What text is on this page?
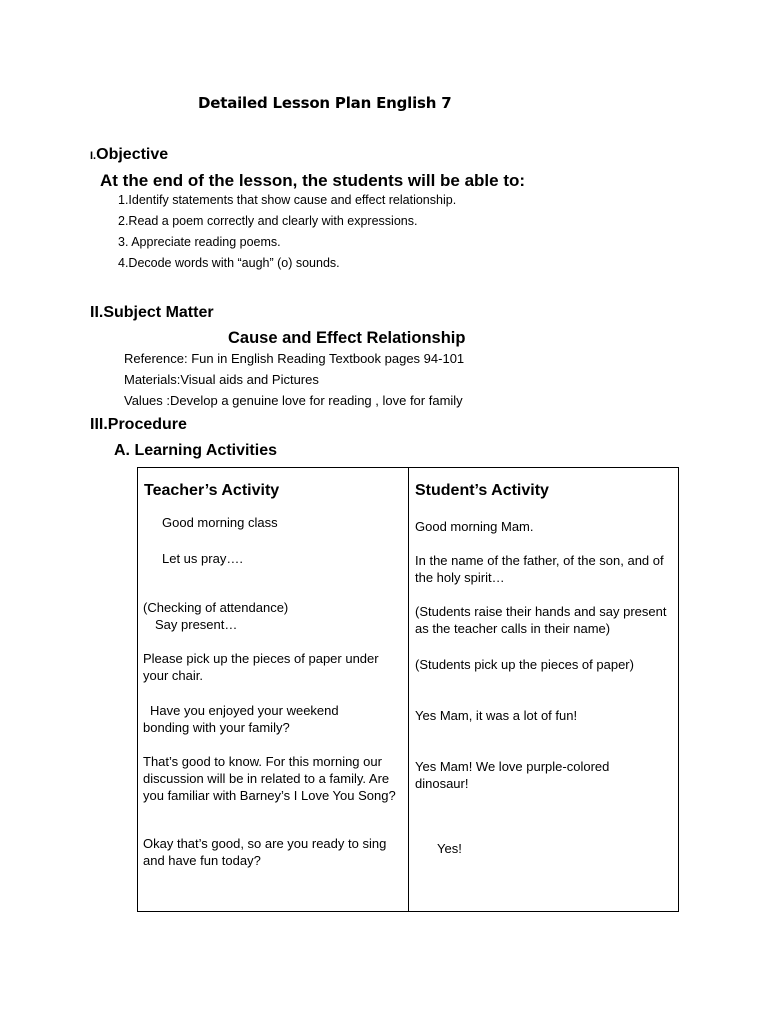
Detailed Lesson Plan English 7
I.Objective
At the end of the lesson, the students will be able to:
1.Identify statements that show cause and effect relationship.
2.Read a poem correctly and clearly with expressions.
3. Appreciate reading poems.
4.Decode words with “augh” (o) sounds.
II.Subject Matter
Cause and Effect Relationship
Reference: Fun in English Reading Textbook pages 94-101
Materials:Visual aids and Pictures
Values :Develop a genuine love for reading , love for family
III.Procedure
A. Learning Activities
Teacher’s Activity
Good morning class
Let us pray….
(Checking of attendance)
Say present…
Please pick up the pieces of paper under your chair.
Have you enjoyed your weekend bonding with your family?
That’s good to know. For this morning our discussion will be in related to a family. Are you familiar with Barney’s I Love You Song?
Okay that’s good, so are you ready to sing and have fun today?
Student’s Activity
Good morning Mam.
In the name of the father, of the son, and of the holy spirit…
(Students raise their hands and say present as the teacher calls in their name)
(Students pick up the pieces of paper)
Yes Mam, it was a lot of fun!
Yes Mam! We love purple-colored dinosaur!
Yes!
